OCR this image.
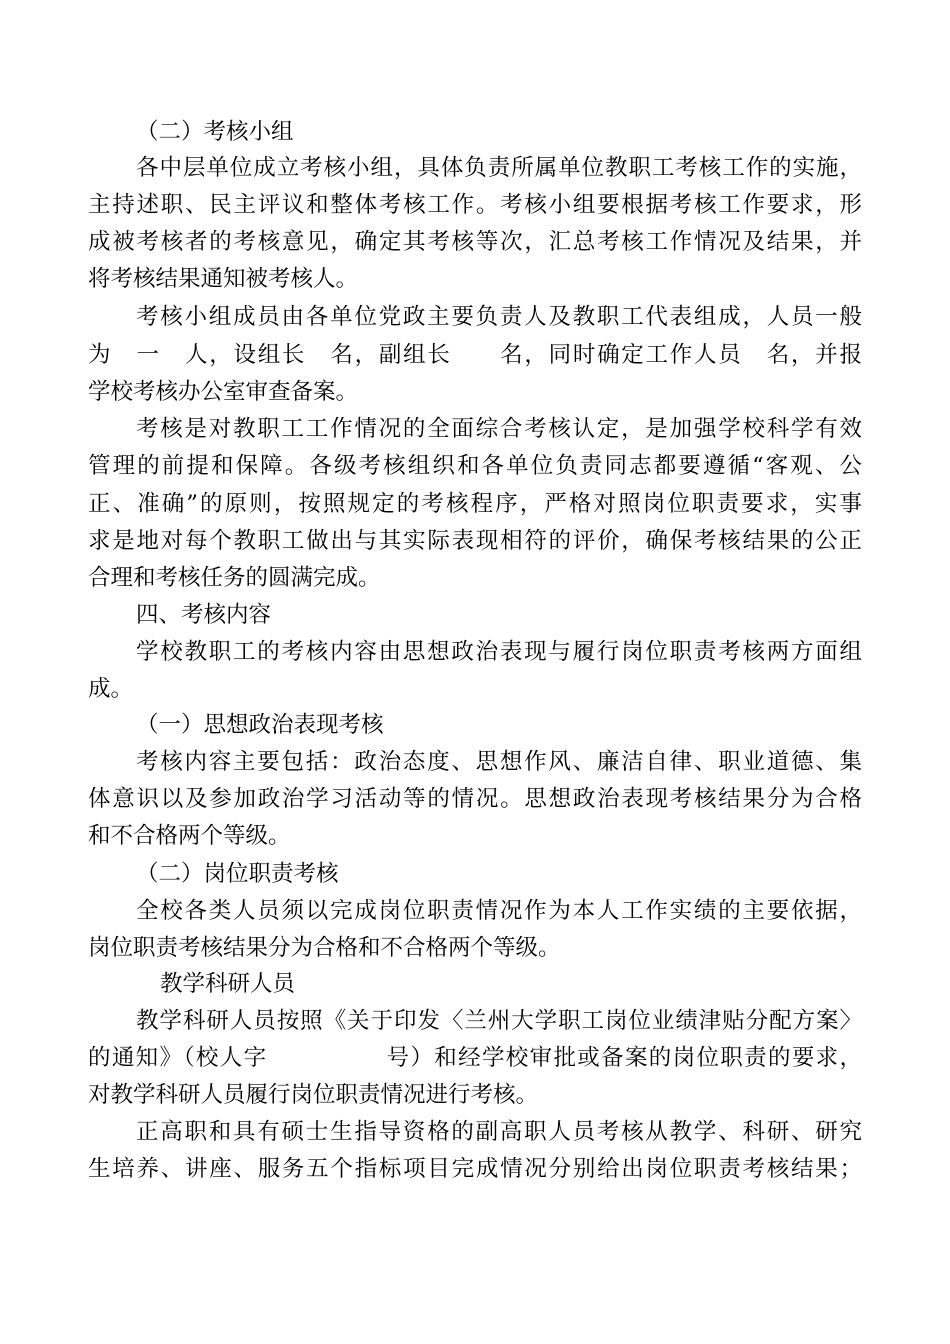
（二）考核小组

各中层单位成立考核小组，具体负责所属单位教职工考核工作的实施，

主持述职、民主评议和整体考核工作。考核小组要根据考核工作要求，形

成被考核者的考核意见，确定其考核等次，汇总考核工作情况及结果，并

将考核结果通知被考核人。

考核小组成员由各单位党政主要负责人及教职工代表组成，人员一般

为　一　人，设组长　名，副组长　　名，同时确定工作人员　名，并报

学校考核办公室审查备案。

考核是对教职工工作情况的全面综合考核认定，是加强学校科学有效

管理的前提和保障。各级考核组织和各单位负责同志都要遵循“客观、公

正、准确”的原则，按照规定的考核程序，严格对照岗位职责要求，实事

求是地对每个教职工做出与其实际表现相符的评价，确保考核结果的公正

合理和考核任务的圆满完成。

四、考核内容

学校教职工的考核内容由思想政治表现与履行岗位职责考核两方面组

成。

（一）思想政治表现考核

考核内容主要包括：政治态度、思想作风、廉洁自律、职业道德、集

体意识以及参加政治学习活动等的情况。思想政治表现考核结果分为合格

和不合格两个等级。

（二）岗位职责考核

全校各类人员须以完成岗位职责情况作为本人工作实绩的主要依据，

岗位职责考核结果分为合格和不合格两个等级。

教学科研人员

教学科研人员按照《关于印发〈兰州大学职工岗位业绩津贴分配方案〉

的通知》（校人字　　　　　号）和经学校审批或备案的岗位职责的要求，

对教学科研人员履行岗位职责情况进行考核。

正高职和具有硕士生指导资格的副高职人员考核从教学、科研、研究

生培养、讲座、服务五个指标项目完成情况分别给出岗位职责考核结果；
